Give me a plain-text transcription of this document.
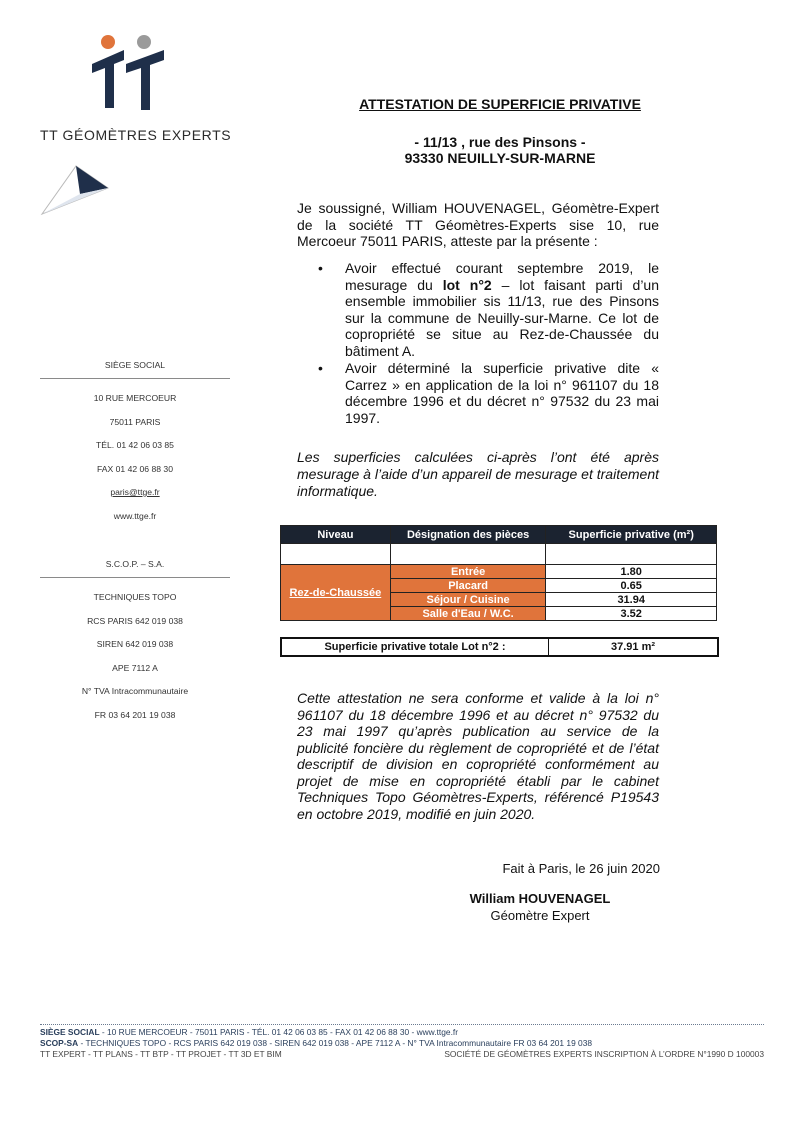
TT GÉOMÈTRES EXPERTS
SIÈGE SOCIAL
10 RUE MERCOEUR
75011 PARIS
TÉL. 01 42 06 03 85
FAX 01 42 06 88 30
paris@ttge.fr
www.ttge.fr
S.C.O.P. – S.A.
TECHNIQUES TOPO
RCS PARIS 642 019 038
SIREN 642 019 038
APE 7112 A
N° TVA Intracommunautaire
FR 03 64 201 19 038
ATTESTATION DE SUPERFICIE PRIVATIVE
- 11/13 , rue des Pinsons -
93330 NEUILLY-SUR-MARNE
Je soussigné, William HOUVENAGEL, Géomètre-Expert de la société TT Géomètres-Experts sise 10, rue Mercoeur 75011 PARIS, atteste par la présente :
• Avoir effectué courant septembre 2019, le mesurage du lot n°2 – lot faisant parti d’un ensemble immobilier sis 11/13, rue des Pinsons sur la commune de Neuilly-sur-Marne. Ce lot de copropriété se situe au Rez-de-Chaussée du bâtiment A.
• Avoir déterminé la superficie privative dite « Carrez » en application de la loi n° 961107 du 18 décembre 1996 et du décret n° 97532 du 23 mai 1997.
Les superficies calculées ci-après l’ont été après mesurage à l’aide d’un appareil de mesurage et traitement informatique.
Niveau	Désignation des pièces	Superficie privative (m²)

Rez-de-Chaussée	Entrée	1.80
	Placard	0.65
	Séjour / Cuisine	31.94
	Salle d'Eau / W.C.	3.52
Superficie privative totale Lot n°2 :	37.91 m²
Cette attestation ne sera conforme et valide à la loi n° 961107 du 18 décembre 1996 et au décret n° 97532 du 23 mai 1997 qu’après publication au service de la publicité foncière du règlement de copropriété et de l’état descriptif de division en copropriété conformément au projet de mise en copropriété établi par le cabinet Techniques Topo Géomètres-Experts, référencé P19543 en octobre 2019, modifié en juin 2020.
Fait à Paris, le 26 juin 2020
William HOUVENAGEL
Géomètre Expert
SIÈGE SOCIAL - 10 RUE MERCOEUR - 75011 PARIS - TÉL. 01 42 06 03 85 - FAX 01 42 06 88 30 - www.ttge.fr
SCOP-SA - TECHNIQUES TOPO - RCS PARIS 642 019 038 - SIREN 642 019 038 - APE 7112 A - N° TVA Intracommunautaire FR 03 64 201 19 038
TT EXPERT - TT PLANS - TT BTP - TT PROJET - TT 3D ET BIM	SOCIÉTÉ DE GÉOMÈTRES EXPERTS INSCRIPTION À L’ORDRE N°1990 D 100003
